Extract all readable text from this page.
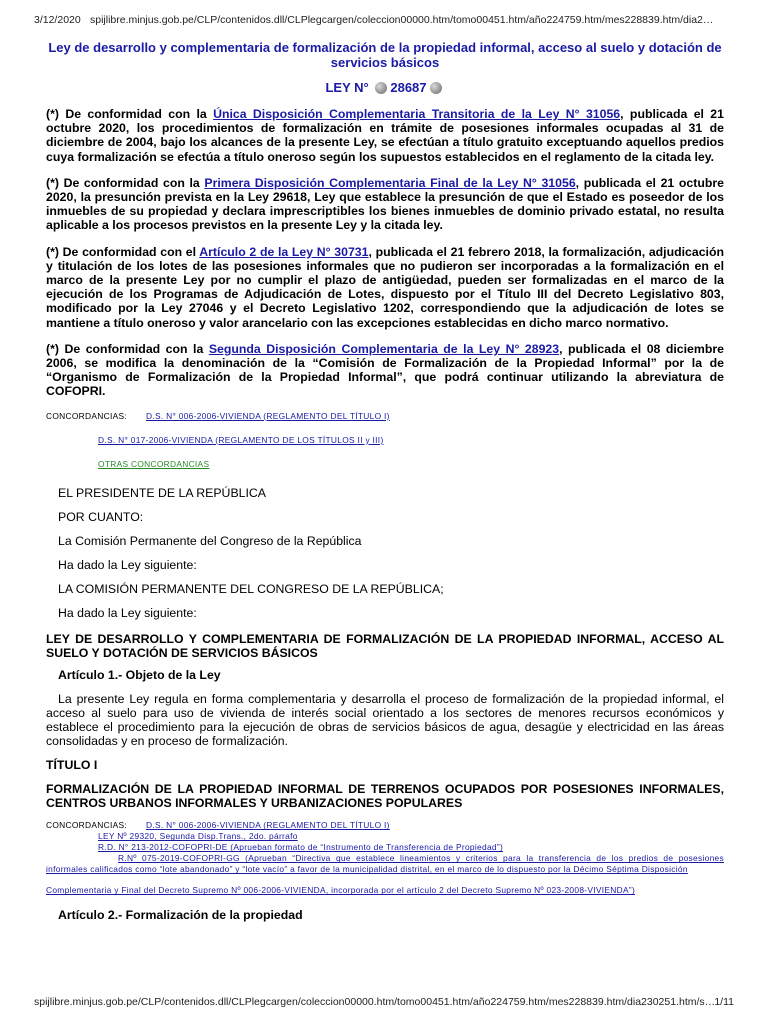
3/12/2020 spijlibre.minjus.gob.pe/CLP/contenidos.dll/CLPlegcargen/coleccion00000.htm/tomo00451.htm/año224759.htm/mes228839.htm/dia2…

Ley de desarrollo y complementaria de formalización de la propiedad informal, acceso al suelo y dotación de servicios básicos

LEY N° 28687

(*) De conformidad con la Única Disposición Complementaria Transitoria de la Ley N° 31056, publicada el 21 octubre 2020, los procedimientos de formalización en trámite de posesiones informales ocupadas al 31 de diciembre de 2004, bajo los alcances de la presente Ley, se efectúan a título gratuito exceptuando aquellos predios cuya formalización se efectúa a título oneroso según los supuestos establecidos en el reglamento de la citada ley.

(*) De conformidad con la Primera Disposición Complementaria Final de la Ley N° 31056, publicada el 21 octubre 2020, la presunción prevista en la Ley 29618, Ley que establece la presunción de que el Estado es poseedor de los inmuebles de su propiedad y declara imprescriptibles los bienes inmuebles de dominio privado estatal, no resulta aplicable a los procesos previstos en la presente Ley y la citada ley.

(*) De conformidad con el Artículo 2 de la Ley N° 30731, publicada el 21 febrero 2018, la formalización, adjudicación y titulación de los lotes de las posesiones informales que no pudieron ser incorporadas a la formalización en el marco de la presente Ley por no cumplir el plazo de antigüedad, pueden ser formalizadas en el marco de la ejecución de los Programas de Adjudicación de Lotes, dispuesto por el Título III del Decreto Legislativo 803, modificado por la Ley 27046 y el Decreto Legislativo 1202, correspondiendo que la adjudicación de lotes se mantiene a título oneroso y valor arancelario con las excepciones establecidas en dicho marco normativo.

(*) De conformidad con la Segunda Disposición Complementaria de la Ley N° 28923, publicada el 08 diciembre 2006, se modifica la denominación de la “Comisión de Formalización de la Propiedad Informal” por la de “Organismo de Formalización de la Propiedad Informal”, que podrá continuar utilizando la abreviatura de COFOPRI.

CONCORDANCIAS: D.S. N° 006-2006-VIVIENDA (REGLAMENTO DEL TÍTULO I)

D.S. N° 017-2006-VIVIENDA (REGLAMENTO DE LOS TÍTULOS II y III)

OTRAS CONCORDANCIAS

EL PRESIDENTE DE LA REPÚBLICA

POR CUANTO:

La Comisión Permanente del Congreso de la República

Ha dado la Ley siguiente:

LA COMISIÓN PERMANENTE DEL CONGRESO DE LA REPÚBLICA;

Ha dado la Ley siguiente:

LEY DE DESARROLLO Y COMPLEMENTARIA DE FORMALIZACIÓN DE LA PROPIEDAD INFORMAL, ACCESO AL SUELO Y DOTACIÓN DE SERVICIOS BÁSICOS

Artículo 1.- Objeto de la Ley

La presente Ley regula en forma complementaria y desarrolla el proceso de formalización de la propiedad informal, el acceso al suelo para uso de vivienda de interés social orientado a los sectores de menores recursos económicos y establece el procedimiento para la ejecución de obras de servicios básicos de agua, desagüe y electricidad en las áreas consolidadas y en proceso de formalización.

TÍTULO I

FORMALIZACIÓN DE LA PROPIEDAD INFORMAL DE TERRENOS OCUPADOS POR POSESIONES INFORMALES, CENTROS URBANOS INFORMALES Y URBANIZACIONES POPULARES

CONCORDANCIAS: D.S. N° 006-2006-VIVIENDA (REGLAMENTO DEL TÍTULO I)

LEY Nº 29320, Segunda Disp.Trans., 2do. párrafo

R.D. N° 213-2012-COFOPRI-DE (Aprueban formato de “Instrumento de Transferencia de Propiedad”)

R.Nº 075-2019-COFOPRI-GG (Aprueban “Directiva que establece lineamientos y criterios para la transferencia de los predios de posesiones informales calificados como “lote abandonado” y “lote vacío” a favor de la municipalidad distrital, en el marco de lo dispuesto por la Décimo Séptima Disposición

Complementaria y Final del Decreto Supremo Nº 006-2006-VIVIENDA, incorporada por el artículo 2 del Decreto Supremo Nº 023-2008-VIVIENDA”)

Artículo 2.- Formalización de la propiedad

spijlibre.minjus.gob.pe/CLP/contenidos.dll/CLPlegcargen/coleccion00000.htm/tomo00451.htm/año224759.htm/mes228839.htm/dia230251.htm/s… 1/11
